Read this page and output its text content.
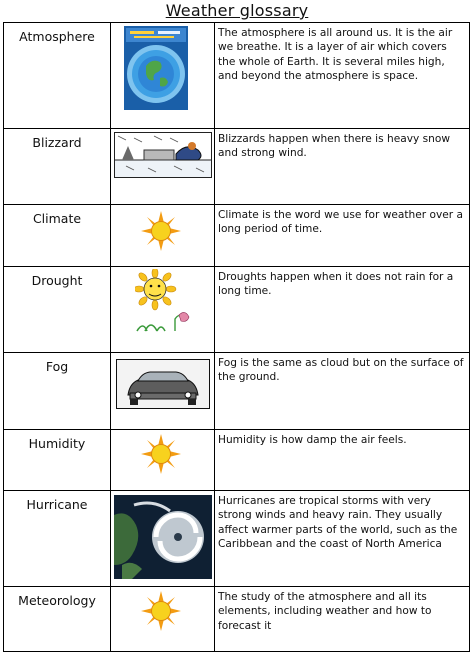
Weather glossary
Atmosphere	The atmosphere is all around us. It is the air we breathe. It is a layer of air which covers the whole of Earth. It is several miles high, and beyond the atmosphere is space.
Blizzard	Blizzards happen when there is heavy snow and strong wind.
Climate	Climate is the word we use for weather over a long period of time.
Drought	Droughts happen when it does not rain for a long time.
Fog	Fog is the same as cloud but on the surface of the ground.
Humidity	Humidity is how damp the air feels.
Hurricane	Hurricanes are tropical storms with very strong winds and heavy rain. They usually affect warmer parts of the world, such as the Caribbean and the coast of North America
Meteorology	The study of the atmosphere and all its elements, including weather and how to forecast it
